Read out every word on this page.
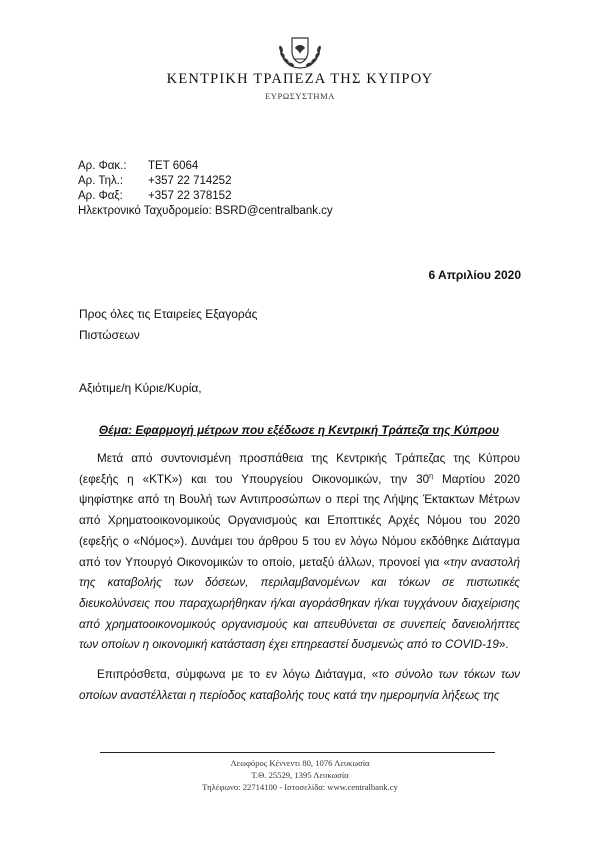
ΚΕΝΤΡΙΚΗ ΤΡΑΠΕΖΑ ΤΗΣ ΚΥΠΡΟΥ
ΕΥΡΩΣΥΣΤΗΜΑ
Αρ. Φακ.: ΤΕΤ 6064
Αρ. Τηλ.: +357 22 714252
Αρ. Φαξ: +357 22 378152
Ηλεκτρονικό Ταχυδρομείο: BSRD@centralbank.cy
6 Απριλίου 2020
Προς όλες τις Εταιρείες Εξαγοράς
Πιστώσεων
Αξιότιμε/η Κύριε/Κυρία,
Θέμα: Εφαρμογή μέτρων που εξέδωσε η Κεντρική Τράπεζα της Κύπρου

Μετά από συντονισμένη προσπάθεια της Κεντρικής Τράπεζας της Κύπρου (εφεξής η «ΚΤΚ») και του Υπουργείου Οικονομικών, την $30^\eta$ Μαρτίου 2020 ψηφίστηκε από τη Βουλή των Αντιπροσώπων ο περί της Λήψης Έκτακτων Μέτρων από Χρηματοοικονομικούς Οργανισμούς και Εποπτικές Αρχές Νόμου του 2020 (εφεξής ο «Νόμος»). Δυνάμει του άρθρου 5 του εν λόγω Νόμου εκδόθηκε Διάταγμα από τον Υπουργό Οικονομικών το οποίο, μεταξύ άλλων, προνοεί για «την αναστολή της καταβολής των δόσεων, περιλαμβανομένων και τόκων σε πιστωτικές διευκολύνσεις που παραχωρήθηκαν ή/και αγοράσθηκαν ή/και τυγχάνουν διαχείρισης από χρηματοοικονομικούς οργανισμούς και απευθύνεται σε συνεπείς δανειολήπτες των οποίων η οικονομική κατάσταση έχει επηρεαστεί δυσμενώς από το COVID-19».

Επιπρόσθετα, σύμφωνα με το εν λόγω Διάταγμα, «το σύνολο των τόκων των οποίων αναστέλλεται η περίοδος καταβολής τους κατά την ημερομηνία λήξεως της

Λεωφόρος Κέννεντι 80, 1076 Λευκωσία
Τ.Θ. 25529, 1395 Λευκωσία
Τηλέφωνο: 22714100 - Ιστοσελίδα: www.centralbank.cy
